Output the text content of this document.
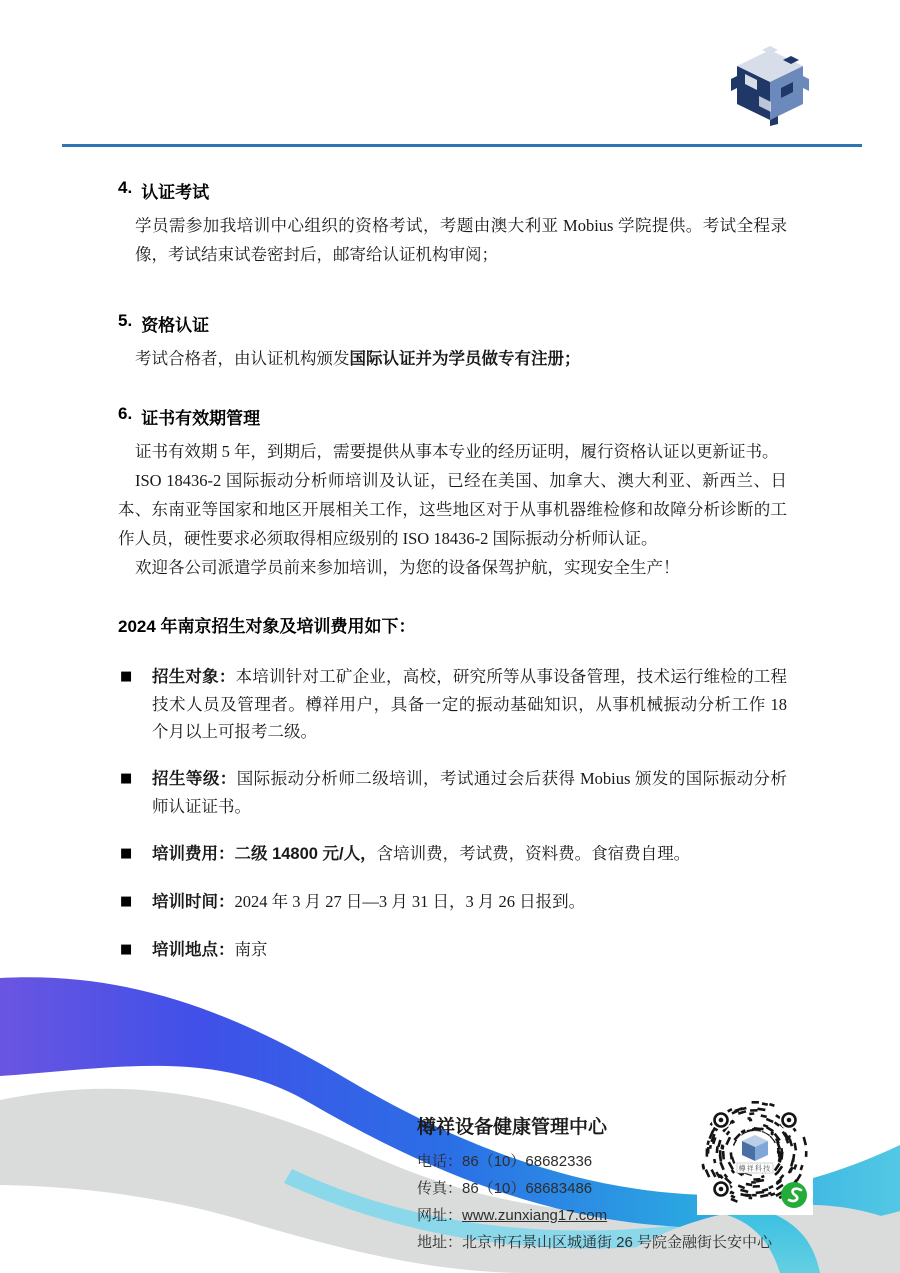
4. 认证考试
学员需参加我培训中心组织的资格考试，考题由澳大利亚 Mobius 学院提供。考试全程录像，考试结束试卷密封后，邮寄给认证机构审阅；
5. 资格认证
考试合格者，由认证机构颁发国际认证并为学员做专有注册；
6. 证书有效期管理

证书有效期 5 年，到期后，需要提供从事本专业的经历证明，履行资格认证以更新证书。

ISO 18436-2 国际振动分析师培训及认证，已经在美国、加拿大、澳大利亚、新西兰、日本、东南亚等国家和地区开展相关工作，这些地区对于从事机器维检修和故障分析诊断的工作人员，硬性要求必须取得相应级别的 ISO 18436-2 国际振动分析师认证。

欢迎各公司派遣学员前来参加培训，为您的设备保驾护航，实现安全生产！

2024 年南京招生对象及培训费用如下：
■ 招生对象：本培训针对工矿企业，高校，研究所等从事设备管理，技术运行维检的工程技术人员及管理者。樽祥用户，具备一定的振动基础知识，从事机械振动分析工作 18 个月以上可报考二级。
■ 招生等级：国际振动分析师二级培训，考试通过会后获得 Mobius 颁发的国际振动分析师认证证书。
■ 培训费用：二级 14800 元/人，含培训费，考试费，资料费。食宿费自理。
■ 培训时间：2024 年 3 月 27 日—3 月 31 日，3 月 26 日报到。
■ 培训地点：南京
樽祥设备健康管理中心
电话：86（10）68682336
传真：86（10）68683486
网址：www.zunxiang17.com
地址：北京市石景山区城通街 26 号院金融街长安中心
樽祥科技
